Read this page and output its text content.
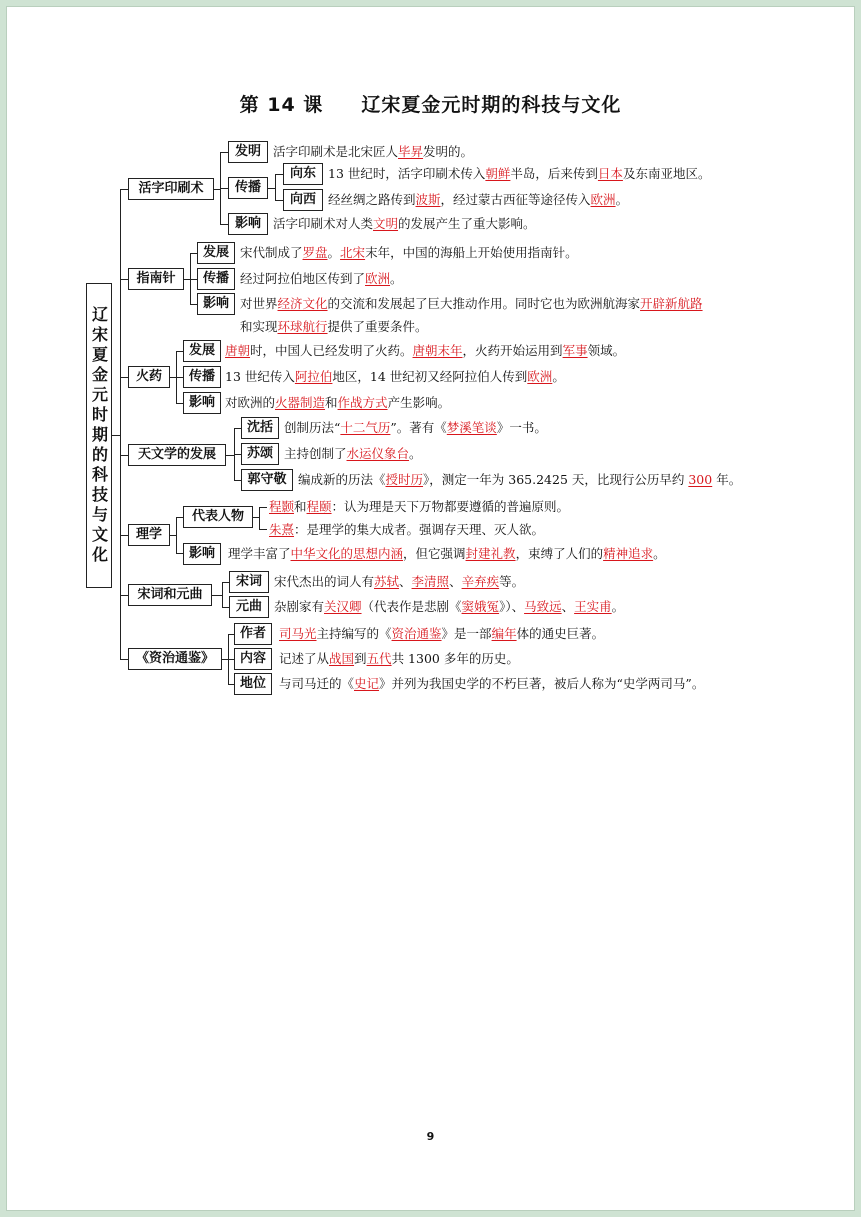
第 14 课     辽宋夏金元时期的科技与文化
辽宋夏金元时期的科技与文化
活字印刷术
发明 活字印刷术是北宋匠人毕昇发明的。
传播
向东 13 世纪时，活字印刷术传入朝鲜半岛，后来传到日本及东南亚地区。
向西 经丝绸之路传到波斯，经过蒙古西征等途径传入欧洲。
影响 活字印刷术对人类文明的发展产生了重大影响。
指南针
发展 宋代制成了罗盘。北宋末年，中国的海船上开始使用指南针。
传播 经过阿拉伯地区传到了欧洲。
影响 对世界经济文化的交流和发展起了巨大推动作用。同时它也为欧洲航海家开辟新航路
和实现环球航行提供了重要条件。
火药
发展 唐朝时，中国人已经发明了火药。唐朝末年，火药开始运用到军事领域。
传播 13 世纪传入阿拉伯地区，14 世纪初又经阿拉伯人传到欧洲。
影响 对欧洲的火器制造和作战方式产生影响。
天文学的发展
沈括 创制历法“十二气历”。著有《梦溪笔谈》一书。
苏颂 主持创制了水运仪象台。
郭守敬 编成新的历法《授时历》，测定一年为 365.2425 天，比现行公历早约 300 年。
理学
代表人物
程颢和程颐：认为理是天下万物都要遵循的普遍原则。
朱熹：是理学的集大成者。强调存天理、灭人欲。
影响	理学丰富了中华文化的思想内涵，但它强调封建礼教，束缚了人们的精神追求。
宋词和元曲
宋词 宋代杰出的词人有苏轼、李清照、辛弃疾等。
元曲 杂剧家有关汉卿（代表作是悲剧《窦娥冤》）、马致远、王实甫。
《资治通鉴》
作者	司马光主持编写的《资治通鉴》是一部编年体的通史巨著。
内容	记述了从战国到五代共 1300 多年的历史。
地位	与司马迁的《史记》并列为我国史学的不朽巨著，被后人称为“史学两司马”。
9
